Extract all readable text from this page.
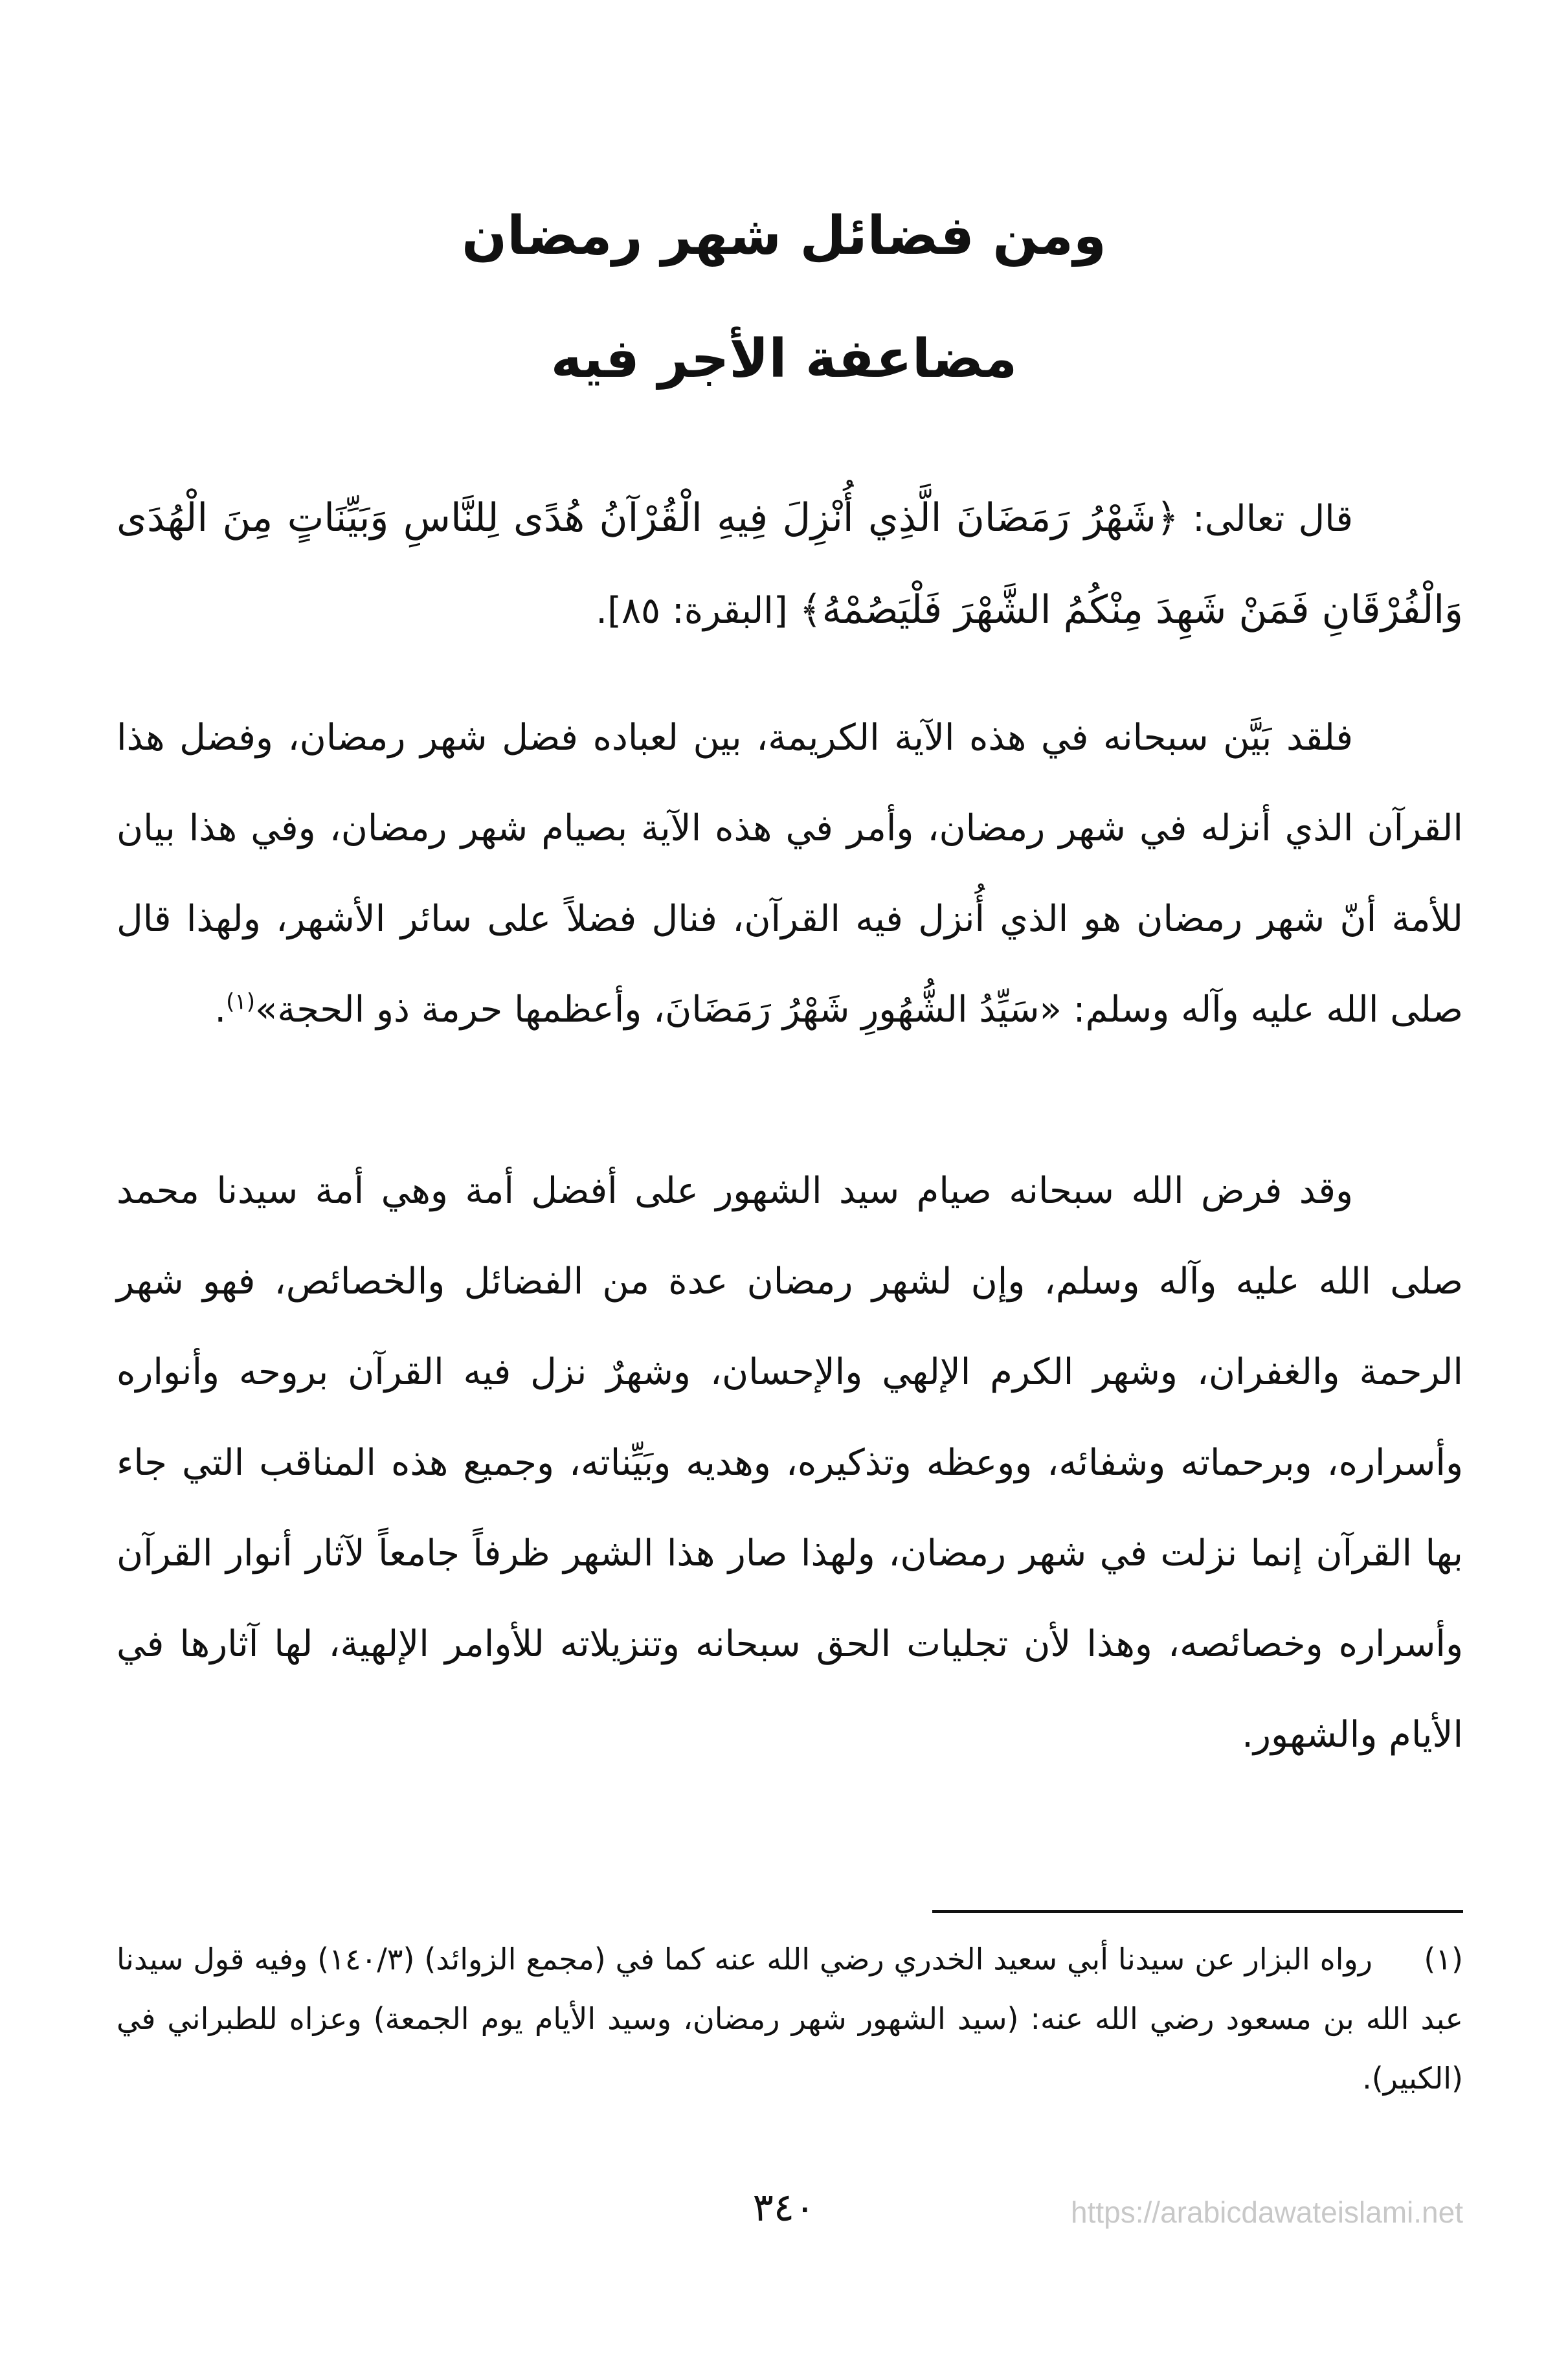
ومن فضائل شهر رمضان
مضاعفة الأجر فيه

قال تعالى: ﴿شَهْرُ رَمَضَانَ الَّذِي أُنْزِلَ فِيهِ الْقُرْآنُ هُدًى لِلنَّاسِ وَبَيِّنَاتٍ مِنَ الْهُدَى وَالْفُرْقَانِ فَمَنْ شَهِدَ مِنْكُمُ الشَّهْرَ فَلْيَصُمْهُ﴾ [البقرة: ٨٥].

فلقد بَيَّن سبحانه في هذه الآية الكريمة، بين لعباده فضل شهر رمضان، وفضل هذا القرآن الذي أنزله في شهر رمضان، وأمر في هذه الآية بصيام شهر رمضان، وفي هذا بيان للأمة أنّ شهر رمضان هو الذي أُنزل فيه القرآن، فنال فضلاً على سائر الأشهر، ولهذا قال صلى الله عليه وآله وسلم: «سَيِّدُ الشُّهُورِ شَهْرُ رَمَضَانَ، وأعظمها حرمة ذو الحجة»$^{(١)}$.

وقد فرض الله سبحانه صيام سيد الشهور على أفضل أمة وهي أمة سيدنا محمد صلى الله عليه وآله وسلم، وإن لشهر رمضان عدة من الفضائل والخصائص، فهو شهر الرحمة والغفران، وشهر الكرم الإلهي والإحسان، وشهرٌ نزل فيه القرآن بروحه وأنواره وأسراره، وبرحماته وشفائه، ووعظه وتذكيره، وهديه وبَيِّناته، وجميع هذه المناقب التي جاء بها القرآن إنما نزلت في شهر رمضان، ولهذا صار هذا الشهر ظرفاً جامعاً لآثار أنوار القرآن وأسراره وخصائصه، وهذا لأن تجليات الحق سبحانه وتنزيلاته للأوامر الإلهية، لها آثارها في الأيام والشهور.

(١)رواه البزار عن سيدنا أبي سعيد الخدري رضي الله عنه كما في (مجمع الزوائد) (١٤٠/٣) وفيه قول سيدنا عبد الله بن مسعود رضي الله عنه: (سيد الشهور شهر رمضان، وسيد الأيام يوم الجمعة) وعزاه للطبراني في (الكبير).
٣٤٠	https://arabicdawateislami.net
